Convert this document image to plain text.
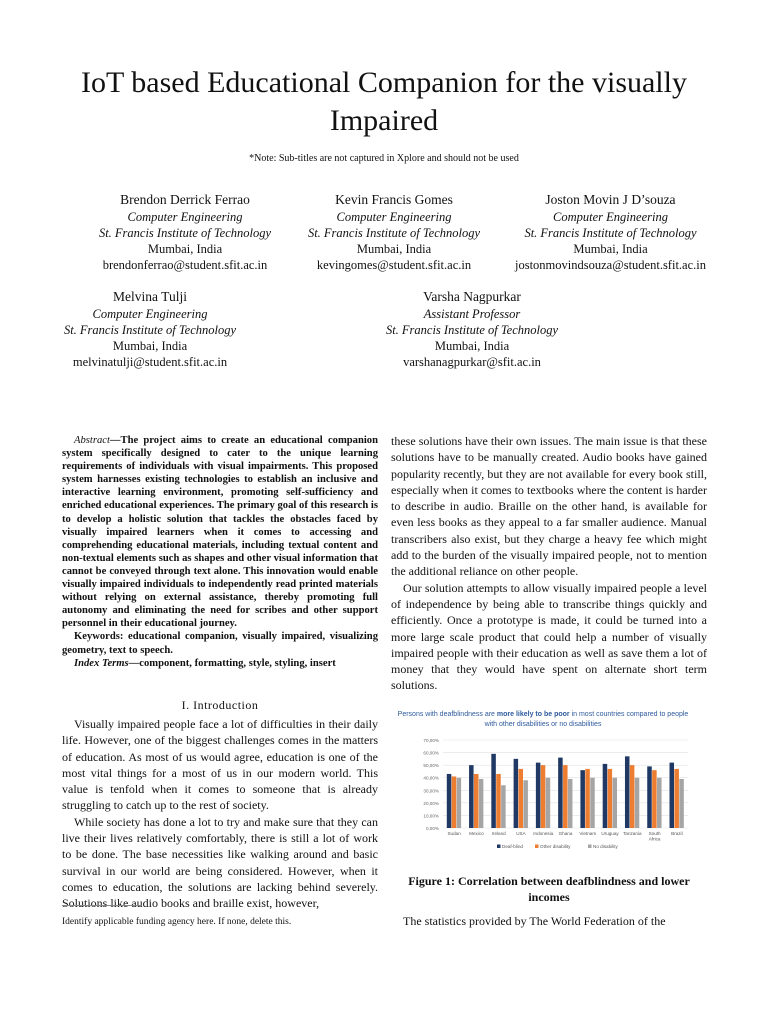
IoT based Educational Companion for the visually Impaired
*Note: Sub-titles are not captured in Xplore and should not be used
Brendon Derrick Ferrao
Computer Engineering
St. Francis Institute of Technology
Mumbai, India
brendonferrao@student.sfit.ac.in
Kevin Francis Gomes
Computer Engineering
St. Francis Institute of Technology
Mumbai, India
kevingomes@student.sfit.ac.in
Joston Movin J D’souza
Computer Engineering
St. Francis Institute of Technology
Mumbai, India
jostonmovindsouza@student.sfit.ac.in
Melvina Tulji
Computer Engineering
St. Francis Institute of Technology
Mumbai, India
melvinatulji@student.sfit.ac.in
Varsha Nagpurkar
Assistant Professor
St. Francis Institute of Technology
Mumbai, India
varshanagpurkar@sfit.ac.in

Abstract—The project aims to create an educational companion system specifically designed to cater to the unique learning requirements of individuals with visual impairments. This proposed system harnesses existing technologies to establish an inclusive and interactive learning environment, promoting self-sufficiency and enriched educational experiences. The primary goal of this research is to develop a holistic solution that tackles the obstacles faced by visually impaired learners when it comes to accessing and comprehending educational materials, including textual content and non-textual elements such as shapes and other visual information that cannot be conveyed through text alone. This innovation would enable visually impaired individuals to independently read printed materials without relying on external assistance, thereby promoting full autonomy and eliminating the need for scribes and other support personnel in their educational journey.

Keywords: educational companion, visually impaired, visualizing geometry, text to speech.

Index Terms—component, formatting, style, styling, insert

I. Introduction

Visually impaired people face a lot of difficulties in their daily life. However, one of the biggest challenges comes in the matters of education. As most of us would agree, education is one of the most vital things for a most of us in our modern world. This value is tenfold when it comes to someone that is already struggling to catch up to the rest of society.

While society has done a lot to try and make sure that they can live their lives relatively comfortably, there is still a lot of work to be done. The base necessities like walking around and basic survival in our world are being considered. However, when it comes to education, the solutions are lacking behind severely. Solutions like audio books and braille exist, however,

Identify applicable funding agency here. If none, delete this.

these solutions have their own issues. The main issue is that these solutions have to be manually created. Audio books have gained popularity recently, but they are not available for every book still, especially when it comes to textbooks where the content is harder to describe in audio. Braille on the other hand, is available for even less books as they appeal to a far smaller audience. Manual transcribers also exist, but they charge a heavy fee which might add to the burden of the visually impaired people, not to mention the additional reliance on other people.

Our solution attempts to allow visually impaired people a level of independence by being able to transcribe things quickly and efficiently. Once a prototype is made, it could be turned into a more large scale product that could help a number of visually impaired people with their education as well as save them a lot of money that they would have spent on alternate short term solutions.

Persons with deafblindness are more likely to be poor in most countries compared to people with other disabilities or no disabilities
0,00%
10,00%
20,00%
30,00%
40,00%
50,00%
60,00%
70,00%
Sudan Mexico Ireland USA Indonesia Ghana Vietnam Uruguay Tanzania South Africa
Brazil
Deaf-blind	Other disability	No disability
Figure 1: Correlation between deafblindness and lower incomes
The statistics provided by The World Federation of the
